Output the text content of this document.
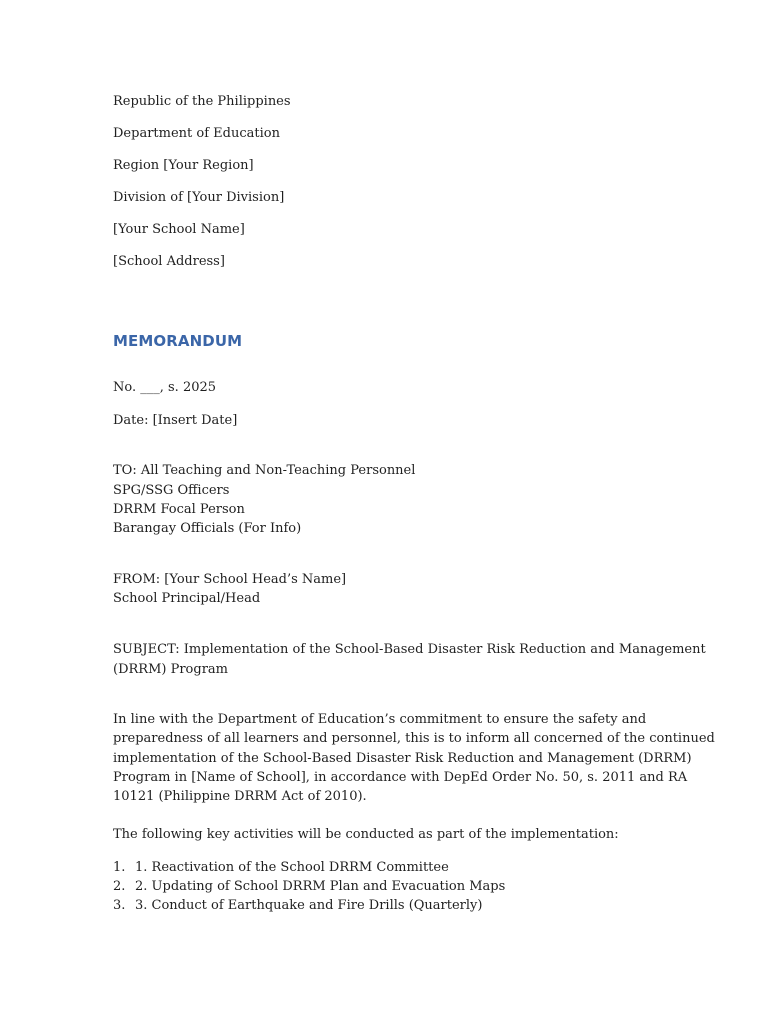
Republic of the Philippines
Department of Education
Region [Your Region]
Division of [Your Division]
[Your School Name]
[School Address]
MEMORANDUM
No. ___, s. 2025
Date: [Insert Date]
TO: All Teaching and Non-Teaching Personnel
SPG/SSG Officers
DRRM Focal Person
Barangay Officials (For Info)
FROM: [Your School Head’s Name]
School Principal/Head
SUBJECT: Implementation of the School-Based Disaster Risk Reduction and Management
(DRRM) Program
In line with the Department of Education’s commitment to ensure the safety and
preparedness of all learners and personnel, this is to inform all concerned of the continued
implementation of the School-Based Disaster Risk Reduction and Management (DRRM)
Program in [Name of School], in accordance with DepEd Order No. 50, s. 2011 and RA
10121 (Philippine DRRM Act of 2010).
The following key activities will be conducted as part of the implementation:
1. 1. Reactivation of the School DRRM Committee
2. 2. Updating of School DRRM Plan and Evacuation Maps
3. 3. Conduct of Earthquake and Fire Drills (Quarterly)
